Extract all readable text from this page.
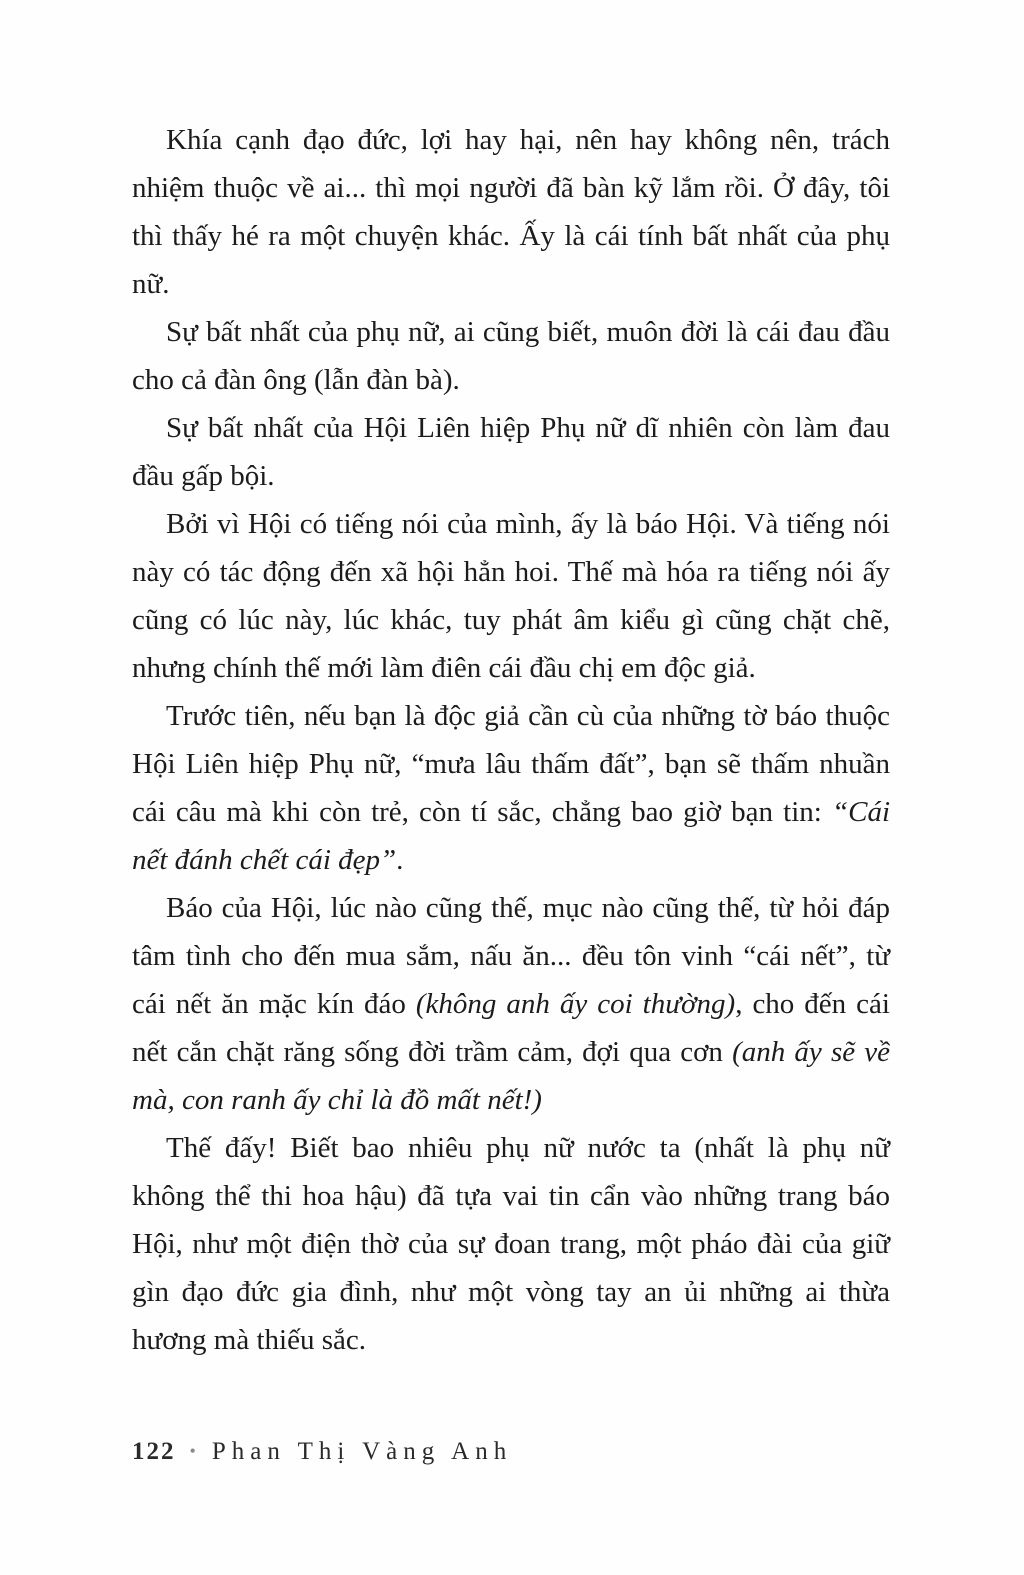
Khía cạnh đạo đức, lợi hay hại, nên hay không nên, trách nhiệm thuộc về ai... thì mọi người đã bàn kỹ lắm rồi. Ở đây, tôi thì thấy hé ra một chuyện khác. Ấy là cái tính bất nhất của phụ nữ.

Sự bất nhất của phụ nữ, ai cũng biết, muôn đời là cái đau đầu cho cả đàn ông (lẫn đàn bà).

Sự bất nhất của Hội Liên hiệp Phụ nữ dĩ nhiên còn làm đau đầu gấp bội.

Bởi vì Hội có tiếng nói của mình, ấy là báo Hội. Và tiếng nói này có tác động đến xã hội hẳn hoi. Thế mà hóa ra tiếng nói ấy cũng có lúc này, lúc khác, tuy phát âm kiểu gì cũng chặt chẽ, nhưng chính thế mới làm điên cái đầu chị em độc giả.

Trước tiên, nếu bạn là độc giả cần cù của những tờ báo thuộc Hội Liên hiệp Phụ nữ, “mưa lâu thấm đất”, bạn sẽ thấm nhuần cái câu mà khi còn trẻ, còn tí sắc, chẳng bao giờ bạn tin: “Cái nết đánh chết cái đẹp”.

Báo của Hội, lúc nào cũng thế, mục nào cũng thế, từ hỏi đáp tâm tình cho đến mua sắm, nấu ăn... đều tôn vinh “cái nết”, từ cái nết ăn mặc kín đáo (không anh ấy coi thường), cho đến cái nết cắn chặt răng sống đời trầm cảm, đợi qua cơn (anh ấy sẽ về mà, con ranh ấy chỉ là đồ mất nết!)

Thế đấy! Biết bao nhiêu phụ nữ nước ta (nhất là phụ nữ không thể thi hoa hậu) đã tựa vai tin cẩn vào những trang báo Hội, như một điện thờ của sự đoan trang, một pháo đài của giữ gìn đạo đức gia đình, như một vòng tay an ủi những ai thừa hương mà thiếu sắc.

122 • Phan Thị Vàng Anh
